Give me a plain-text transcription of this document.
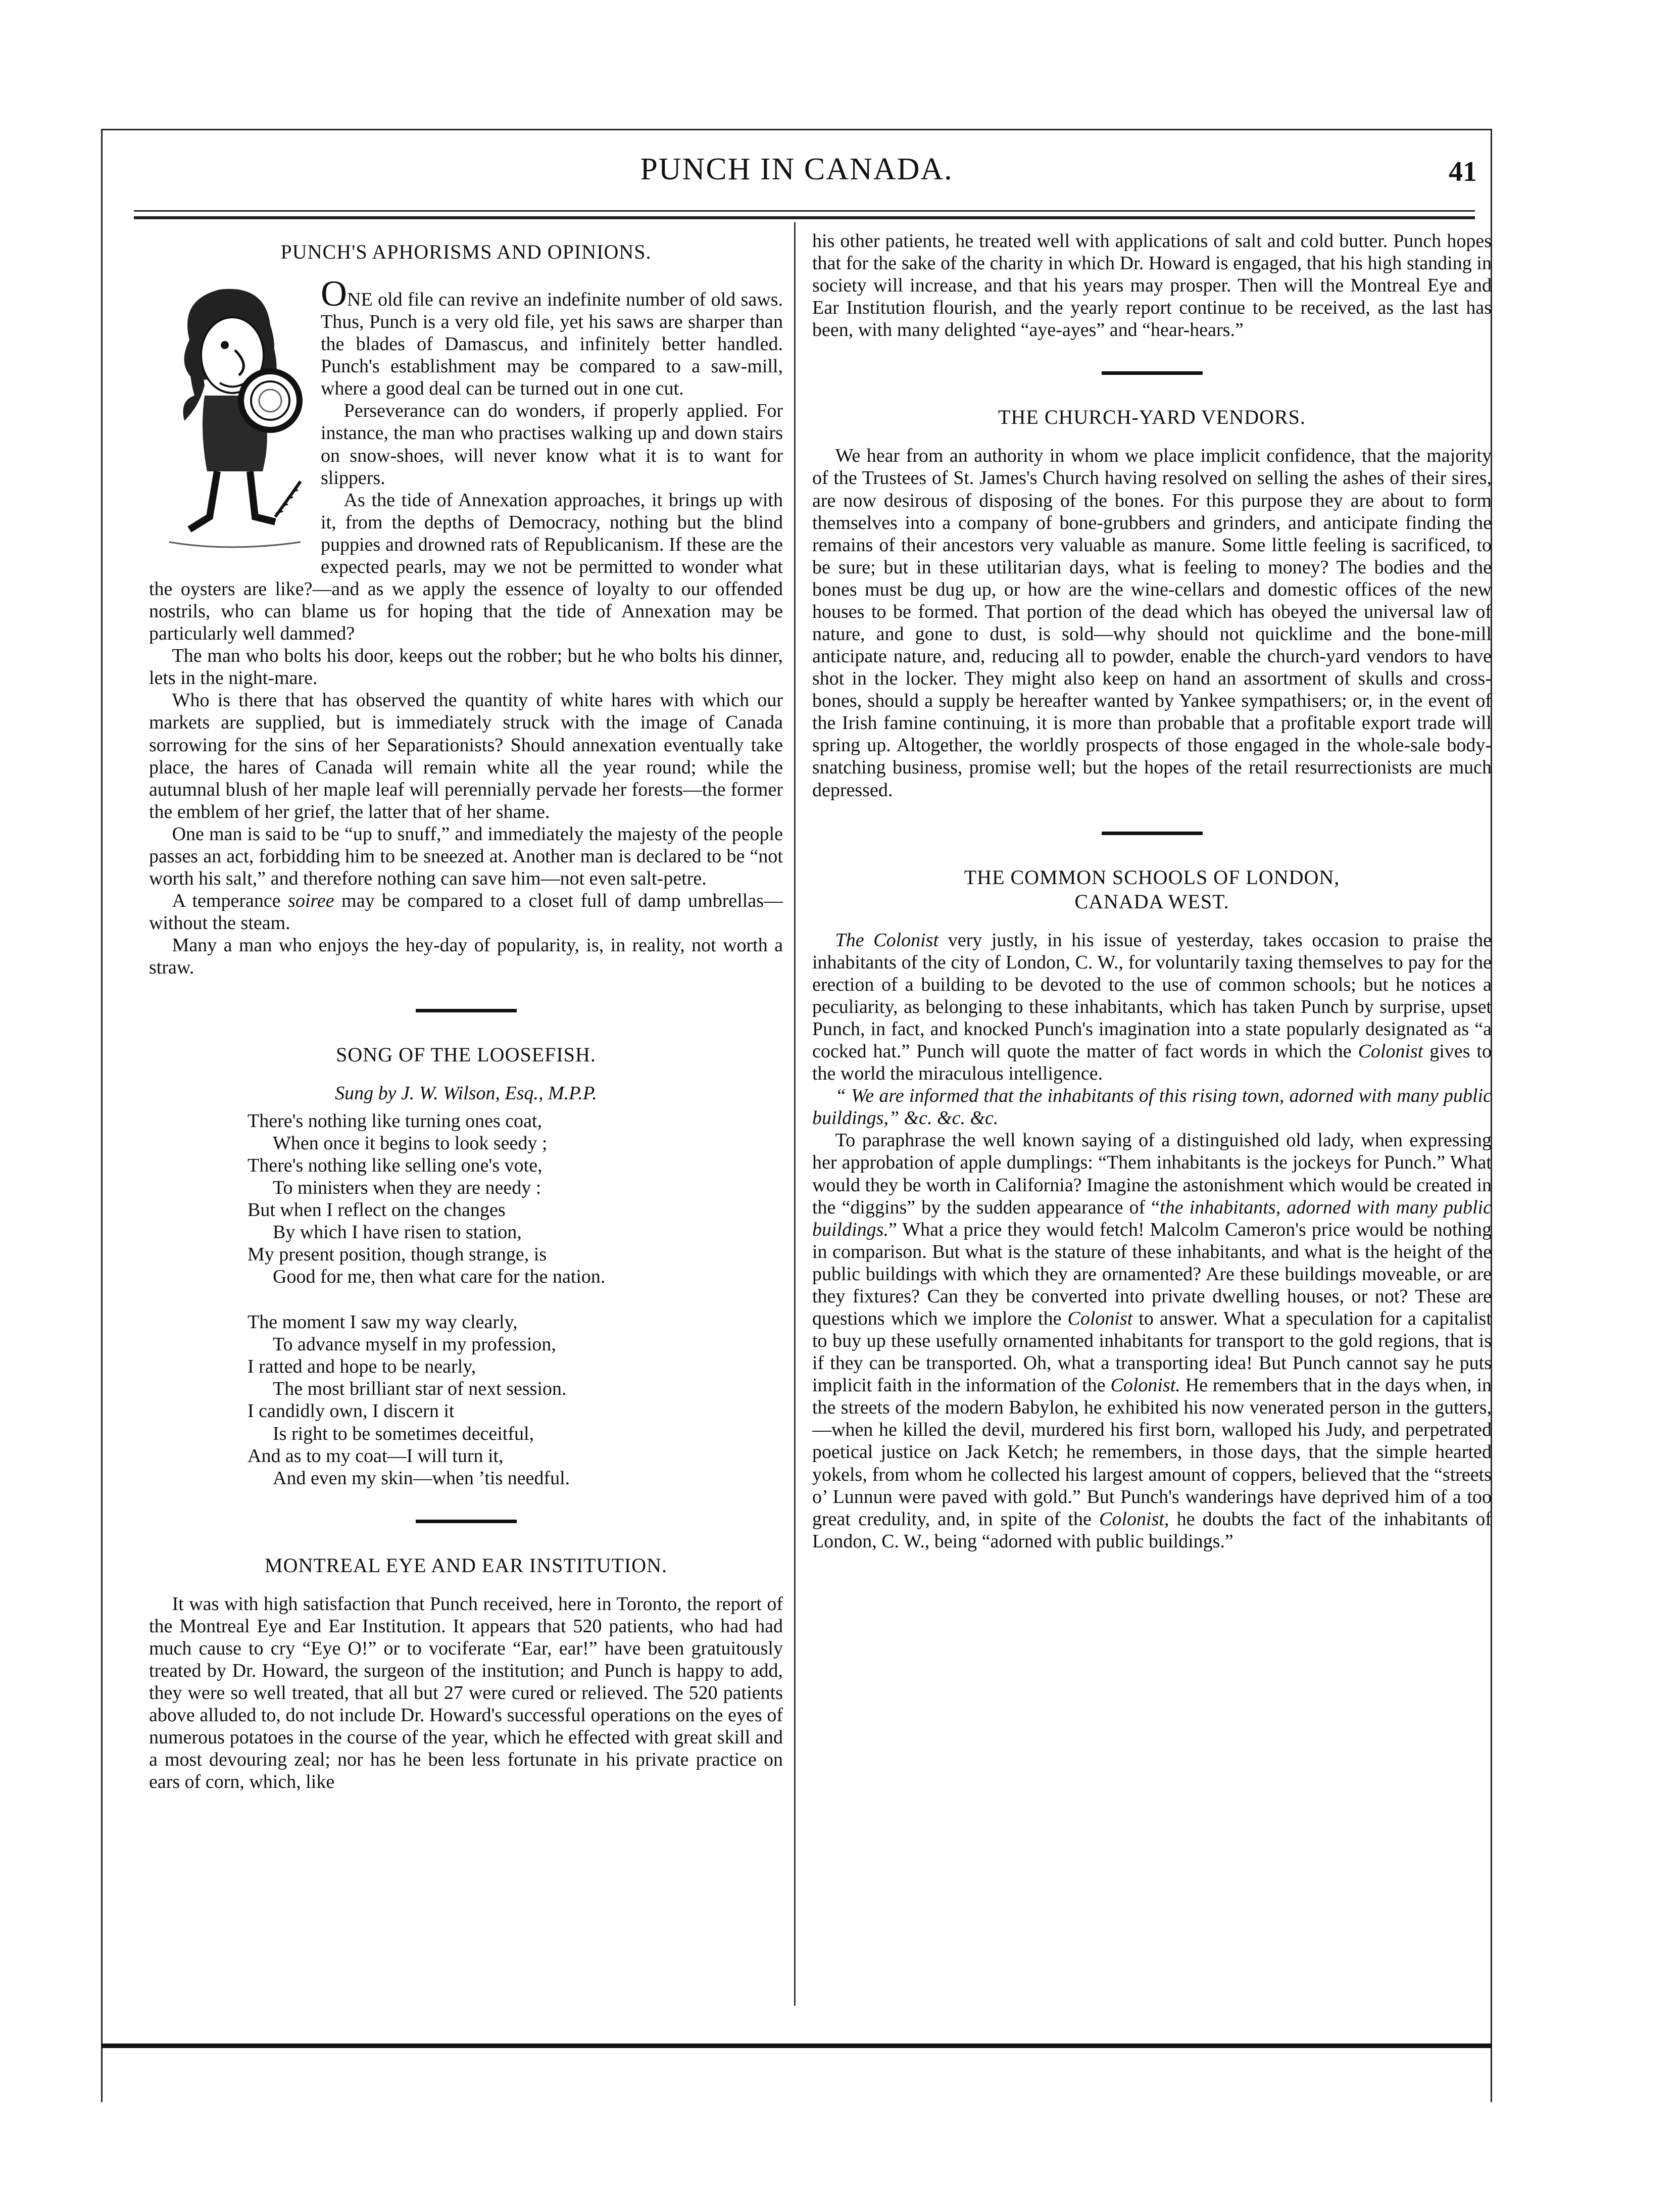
PUNCH IN CANADA.	41
PUNCH'S APHORISMS AND OPINIONS.

ONE old file can revive an indefinite number of old saws. Thus, Punch is a very old file, yet his saws are sharper than the blades of Damascus, and infinitely better handled. Punch's establishment may be compared to a saw-mill, where a good deal can be turned out in one cut.

Perseverance can do wonders, if properly applied. For instance, the man who practises walking up and down stairs on snow-shoes, will never know what it is to want for slippers.

As the tide of Annexation approaches, it brings up with it, from the depths of Democracy, nothing but the blind puppies and drowned rats of Republicanism. If these are the expected pearls, may we not be permitted to wonder what the oysters are like?—and as we apply the essence of loyalty to our offended nostrils, who can blame us for hoping that the tide of Annexation may be particularly well dammed?

The man who bolts his door, keeps out the robber; but he who bolts his dinner, lets in the night-mare.

Who is there that has observed the quantity of white hares with which our markets are supplied, but is immediately struck with the image of Canada sorrowing for the sins of her Separationists? Should annexation eventually take place, the hares of Canada will remain white all the year round; while the autumnal blush of her maple leaf will perennially pervade her forests—the former the emblem of her grief, the latter that of her shame.

One man is said to be “up to snuff,” and immediately the majesty of the people passes an act, forbidding him to be sneezed at. Another man is declared to be “not worth his salt,” and therefore nothing can save him—not even salt-petre.

A temperance soiree may be compared to a closet full of damp umbrellas—without the steam.

Many a man who enjoys the hey-day of popularity, is, in reality, not worth a straw.

SONG OF THE LOOSEFISH.
Sung by J. W. Wilson, Esq., M.P.P.
There's nothing like turning ones coat,
When once it begins to look seedy ;
There's nothing like selling one's vote,
To ministers when they are needy :
But when I reflect on the changes
By which I have risen to station,
My present position, though strange, is
Good for me, then what care for the nation.
The moment I saw my way clearly,
To advance myself in my profession,
I ratted and hope to be nearly,
The most brilliant star of next session.
I candidly own, I discern it
Is right to be sometimes deceitful,
And as to my coat—I will turn it,
And even my skin—when ’tis needful.
MONTREAL EYE AND EAR INSTITUTION.

It was with high satisfaction that Punch received, here in Toronto, the report of the Montreal Eye and Ear Institution. It appears that 520 patients, who had had much cause to cry “Eye O!” or to vociferate “Ear, ear!” have been gratuitously treated by Dr. Howard, the surgeon of the institution; and Punch is happy to add, they were so well treated, that all but 27 were cured or relieved. The 520 patients above alluded to, do not include Dr. Howard's successful operations on the eyes of numerous potatoes in the course of the year, which he effected with great skill and a most devouring zeal; nor has he been less fortunate in his private practice on ears of corn, which, like

his other patients, he treated well with applications of salt and cold butter. Punch hopes that for the sake of the charity in which Dr. Howard is engaged, that his high standing in society will increase, and that his years may prosper. Then will the Montreal Eye and Ear Institution flourish, and the yearly report continue to be received, as the last has been, with many delighted “aye-ayes” and “hear-hears.”

THE CHURCH-YARD VENDORS.

We hear from an authority in whom we place implicit confidence, that the majority of the Trustees of St. James's Church having resolved on selling the ashes of their sires, are now desirous of disposing of the bones. For this purpose they are about to form themselves into a company of bone-grubbers and grinders, and anticipate finding the remains of their ancestors very valuable as manure. Some little feeling is sacrificed, to be sure; but in these utilitarian days, what is feeling to money? The bodies and the bones must be dug up, or how are the wine-cellars and domestic offices of the new houses to be formed. That portion of the dead which has obeyed the universal law of nature, and gone to dust, is sold—why should not quicklime and the bone-mill anticipate nature, and, reducing all to powder, enable the church-yard vendors to have shot in the locker. They might also keep on hand an assortment of skulls and cross-bones, should a supply be hereafter wanted by Yankee sympathisers; or, in the event of the Irish famine continuing, it is more than probable that a profitable export trade will spring up. Altogether, the worldly prospects of those engaged in the whole-sale body-snatching business, promise well; but the hopes of the retail resurrectionists are much depressed.

THE COMMON SCHOOLS OF LONDON,
CANADA WEST.

The Colonist very justly, in his issue of yesterday, takes occasion to praise the inhabitants of the city of London, C. W., for voluntarily taxing themselves to pay for the erection of a building to be devoted to the use of common schools; but he notices a peculiarity, as belonging to these inhabitants, which has taken Punch by surprise, upset Punch, in fact, and knocked Punch's imagination into a state popularly designated as “a cocked hat.” Punch will quote the matter of fact words in which the Colonist gives to the world the miraculous intelligence.

“ We are informed that the inhabitants of this rising town, adorned with many public buildings,” &c. &c. &c.

To paraphrase the well known saying of a distinguished old lady, when expressing her approbation of apple dumplings: “Them inhabitants is the jockeys for Punch.” What would they be worth in California? Imagine the astonishment which would be created in the “diggins” by the sudden appearance of “the inhabitants, adorned with many public buildings.” What a price they would fetch! Malcolm Cameron's price would be nothing in comparison. But what is the stature of these inhabitants, and what is the height of the public buildings with which they are ornamented? Are these buildings moveable, or are they fixtures? Can they be converted into private dwelling houses, or not? These are questions which we implore the Colonist to answer. What a speculation for a capitalist to buy up these usefully ornamented inhabitants for transport to the gold regions, that is if they can be transported. Oh, what a transporting idea! But Punch cannot say he puts implicit faith in the information of the Colonist. He remembers that in the days when, in the streets of the modern Babylon, he exhibited his now venerated person in the gutters,—when he killed the devil, murdered his first born, walloped his Judy, and perpetrated poetical justice on Jack Ketch; he remembers, in those days, that the simple hearted yokels, from whom he collected his largest amount of coppers, believed that the “streets o’ Lunnun were paved with gold.” But Punch's wanderings have deprived him of a too great credulity, and, in spite of the Colonist, he doubts the fact of the inhabitants of London, C. W., being “adorned with public buildings.”
